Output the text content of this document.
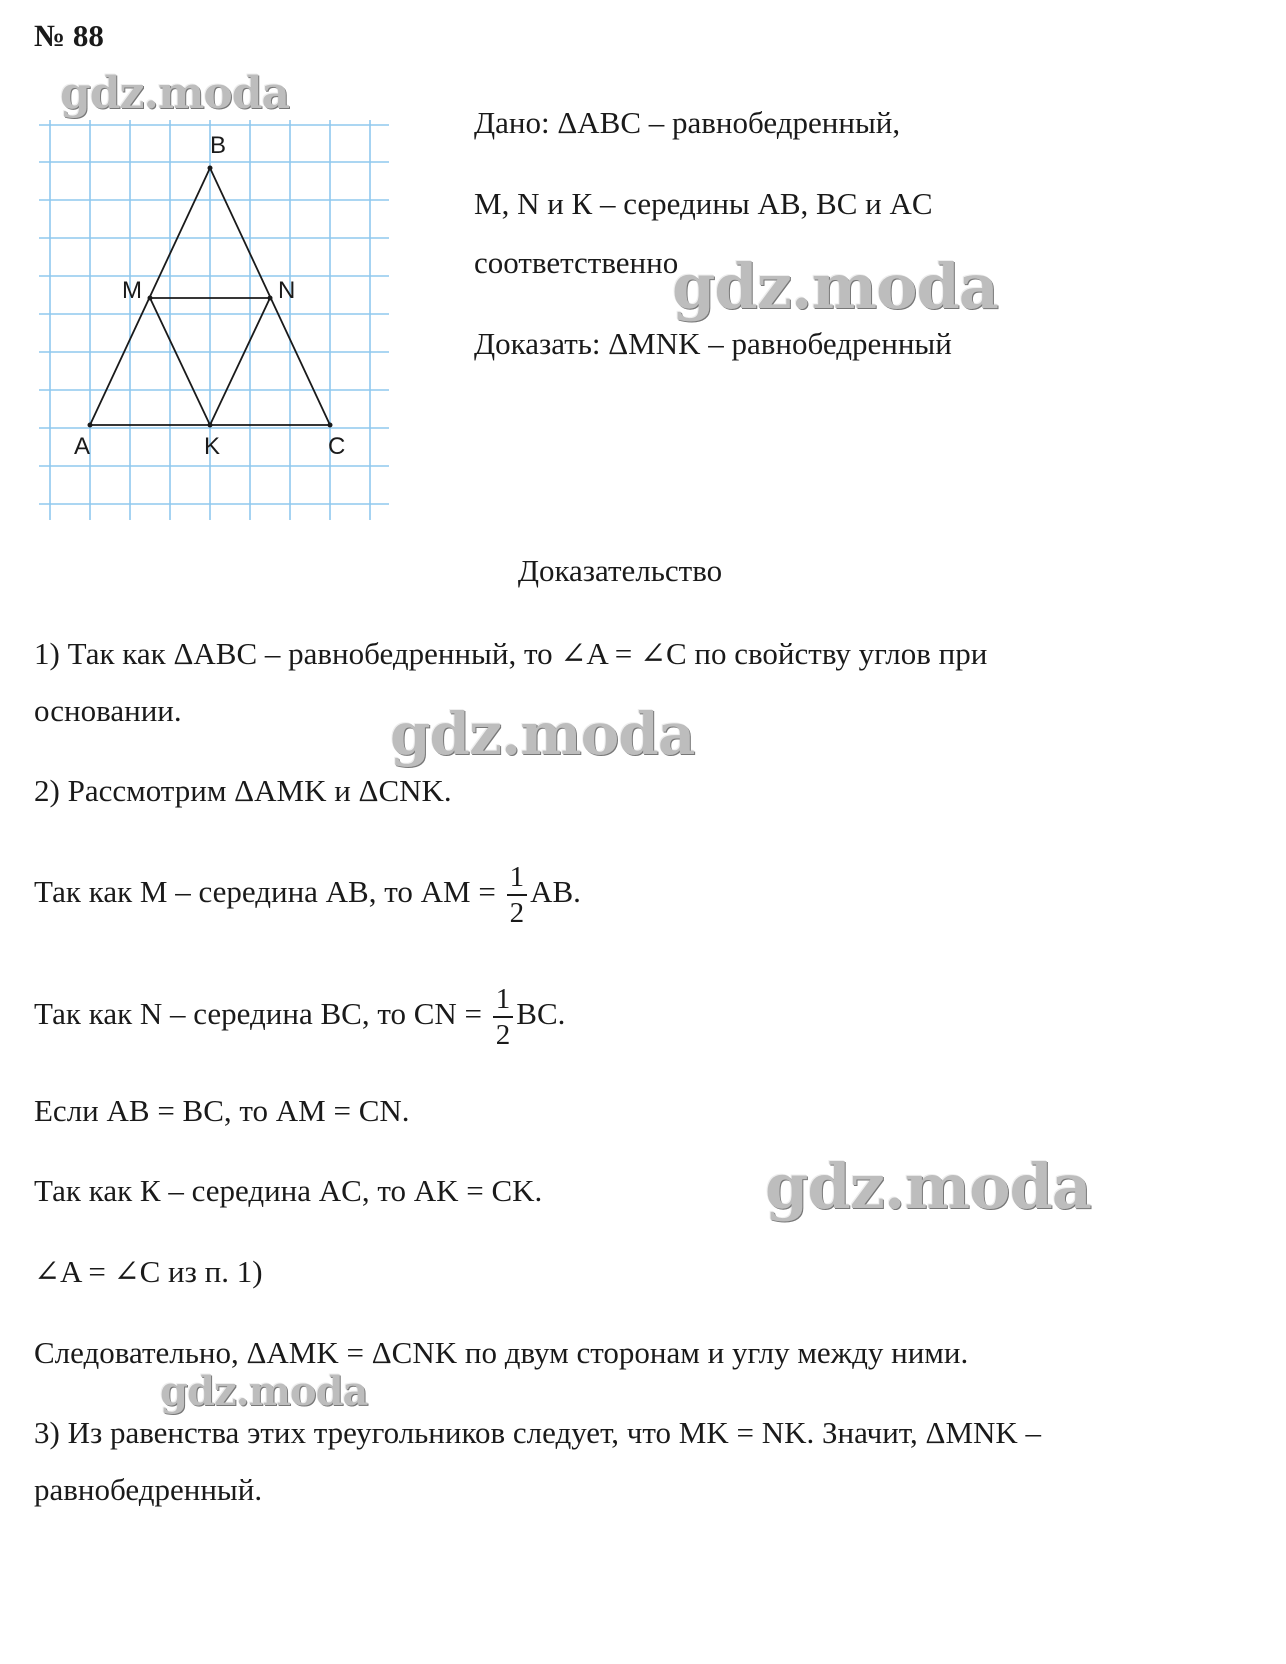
№ 88
B
M	N
A	K	C
Дано: ΔABC – равнобедренный,
M, N и К – середины AB, BC и AC
соответственно
Доказать: ΔMNK – равнобедренный
Доказательство
1) Так как ΔABC – равнобедренный, то ∠A = ∠C по свойству углов при
основании.
2) Рассмотрим ΔAMK и ΔCNK.
Так как M – середина AB, то AM = $\frac{1}{2}$ AB.
Так как N – середина BC, то CN = $\frac{1}{2}$ BC.
Если AB = BC, то AM = CN.
Так как К – середина AC, то AK = CK.
∠A = ∠C из п. 1)
Следовательно, ΔAMK = ΔCNK по двум сторонам и углу между ними.
3) Из равенства этих треугольников следует, что MK = NK. Значит, ΔMNK –
равнобедренный.
gdz.moda
gdz.moda
gdz.moda
gdz.moda
gdz.moda
